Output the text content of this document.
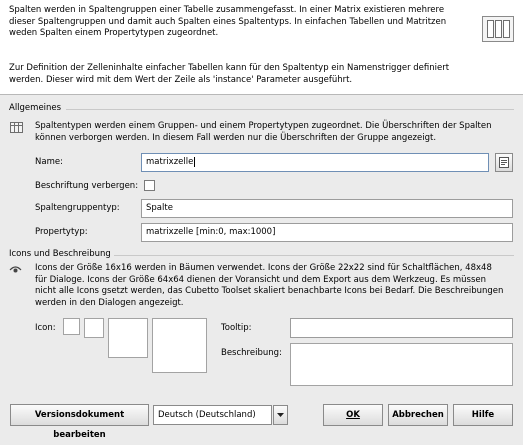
Spalten werden in Spaltengruppen einer Tabelle zusammengefasst. In einer Matrix existieren mehrere dieser Spaltengruppen und damit auch Spalten eines Spaltentyps. In einfachen Tabellen und Matritzen weden Spalten einem Propertytypen zugeordnet.

Zur Definition der Zelleninhalte einfacher Tabellen kann für den Spaltentyp ein Namenstrigger definiert werden. Dieser wird mit dem Wert der Zeile als 'instance' Parameter ausgeführt.

Allgemeines

Spaltentypen werden einem Gruppen- und einem Propertytypen zugeordnet. Die Überschriften der Spalten können verborgen werden. In diesem Fall werden nur die Überschriften der Gruppe angezeigt.

Name:	matrixzelle
Beschriftung verbergen:
Spaltengruppentyp:	Spalte
Propertytyp:	matrixzelle [min:0, max:1000]
Icons und Beschreibung

Icons der Größe 16x16 werden in Bäumen verwendet. Icons der Größe 22x22 sind für Schaltflächen, 48x48 für Dialoge. Icons der Größe 64x64 dienen der Voransicht und dem Export aus dem Werkzeug. Es müssen nicht alle Icons gsetzt werden, das Cubetto Toolset skaliert benachbarte Icons bei Bedarf. Die Beschreibungen werden in den Dialogen angezeigt.

Icon:	Tooltip:
Beschreibung:
Versionsdokument bearbeiten
Deutsch (Deutschland)	OK	Abbrechen	Hilfe
